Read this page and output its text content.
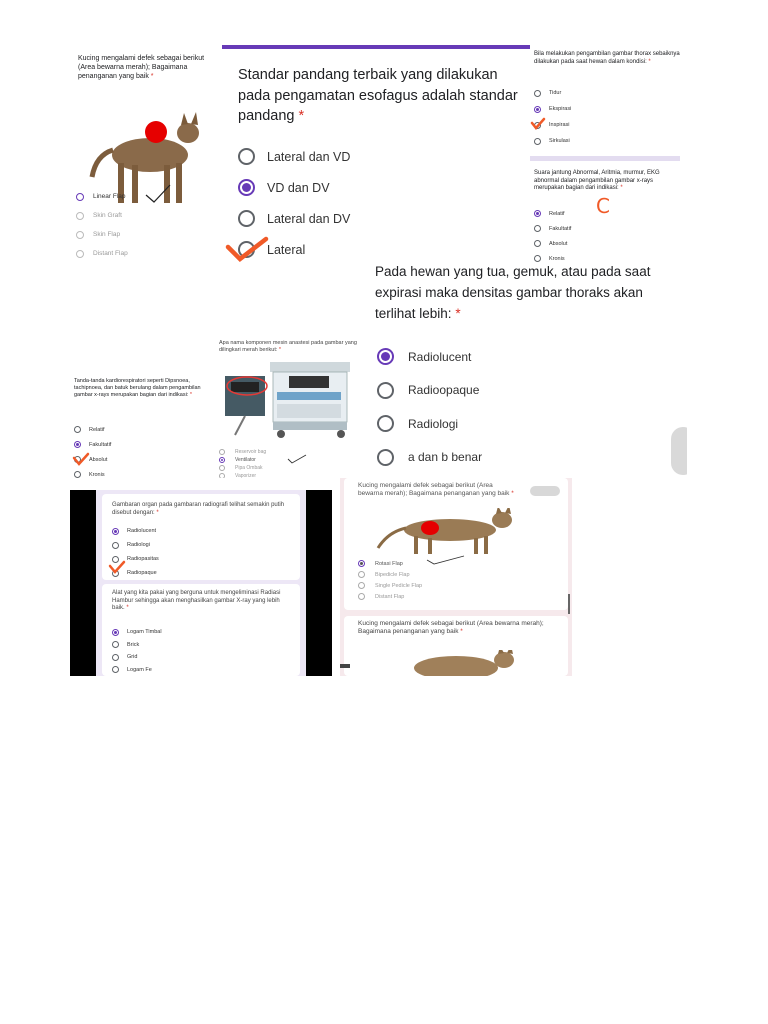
Kucing mengalami defek sebagai berikut (Area bewarna merah); Bagaimana penanganan yang baik *

Linear Flap
Skin Graft
Skin Flap
Distant Flap

Standar pandang terbaik yang dilakukan pada pengamatan esofagus adalah standar pandang *

Lateral dan VD
VD dan DV
Lateral dan DV
Lateral

Bila melakukan pengambilan gambar thorax sebaiknya dilakukan pada saat hewan dalam kondisi: *

Tidur
Ekspirasi
Inspirasi
Sirkulasi

Suara jantung Abnormal, Aritmia, murmur, EKG abnormal dalam pengambilan gambar x-rays merupakan bagian dari indikasi: *

Relatif
Fakultatif
Absolut
Kronis
C

Pada hewan yang tua, gemuk, atau pada saat expirasi maka densitas gambar thoraks akan terlihat lebih: *

Radiolucent
Radioopaque
Radiologi
a dan b benar

Apa nama komponen mesin anastesi pada gambar yang dilingkari merah berikut: *

Reservoir bag
Ventilator
Pipa Ombak
Vaporizer

Tanda-tanda kardiorespiratori seperti Dipsnoea, tachipnoea, dan batuk berulang dalam pengambilan gambar x-rays merupakan bagian dari indikasi: *

Relatif
Fakultatif
Absolut
Kronis

Gambaran organ pada gambaran radiografi telihat semakin putih disebut dengan: *

Radiolucent
Radiologi
Radiopasitas
Radiopaque

Alat yang kita pakai yang berguna untuk mengeliminasi Radiasi Hambur sehingga akan menghasilkan gambar X-ray yang lebih baik. *

Logam Timbal
Brick
Grid
Logam Fe

Kucing mengalami defek sebagai berikut (Area bewarna merah); Bagaimana penanganan yang baik *

Rotasi Flap
Bipedicle Flap
Single Pedicle Flap
Distant Flap

Kucing mengalami defek sebagai berikut (Area bewarna merah); Bagaimana penanganan yang baik *
